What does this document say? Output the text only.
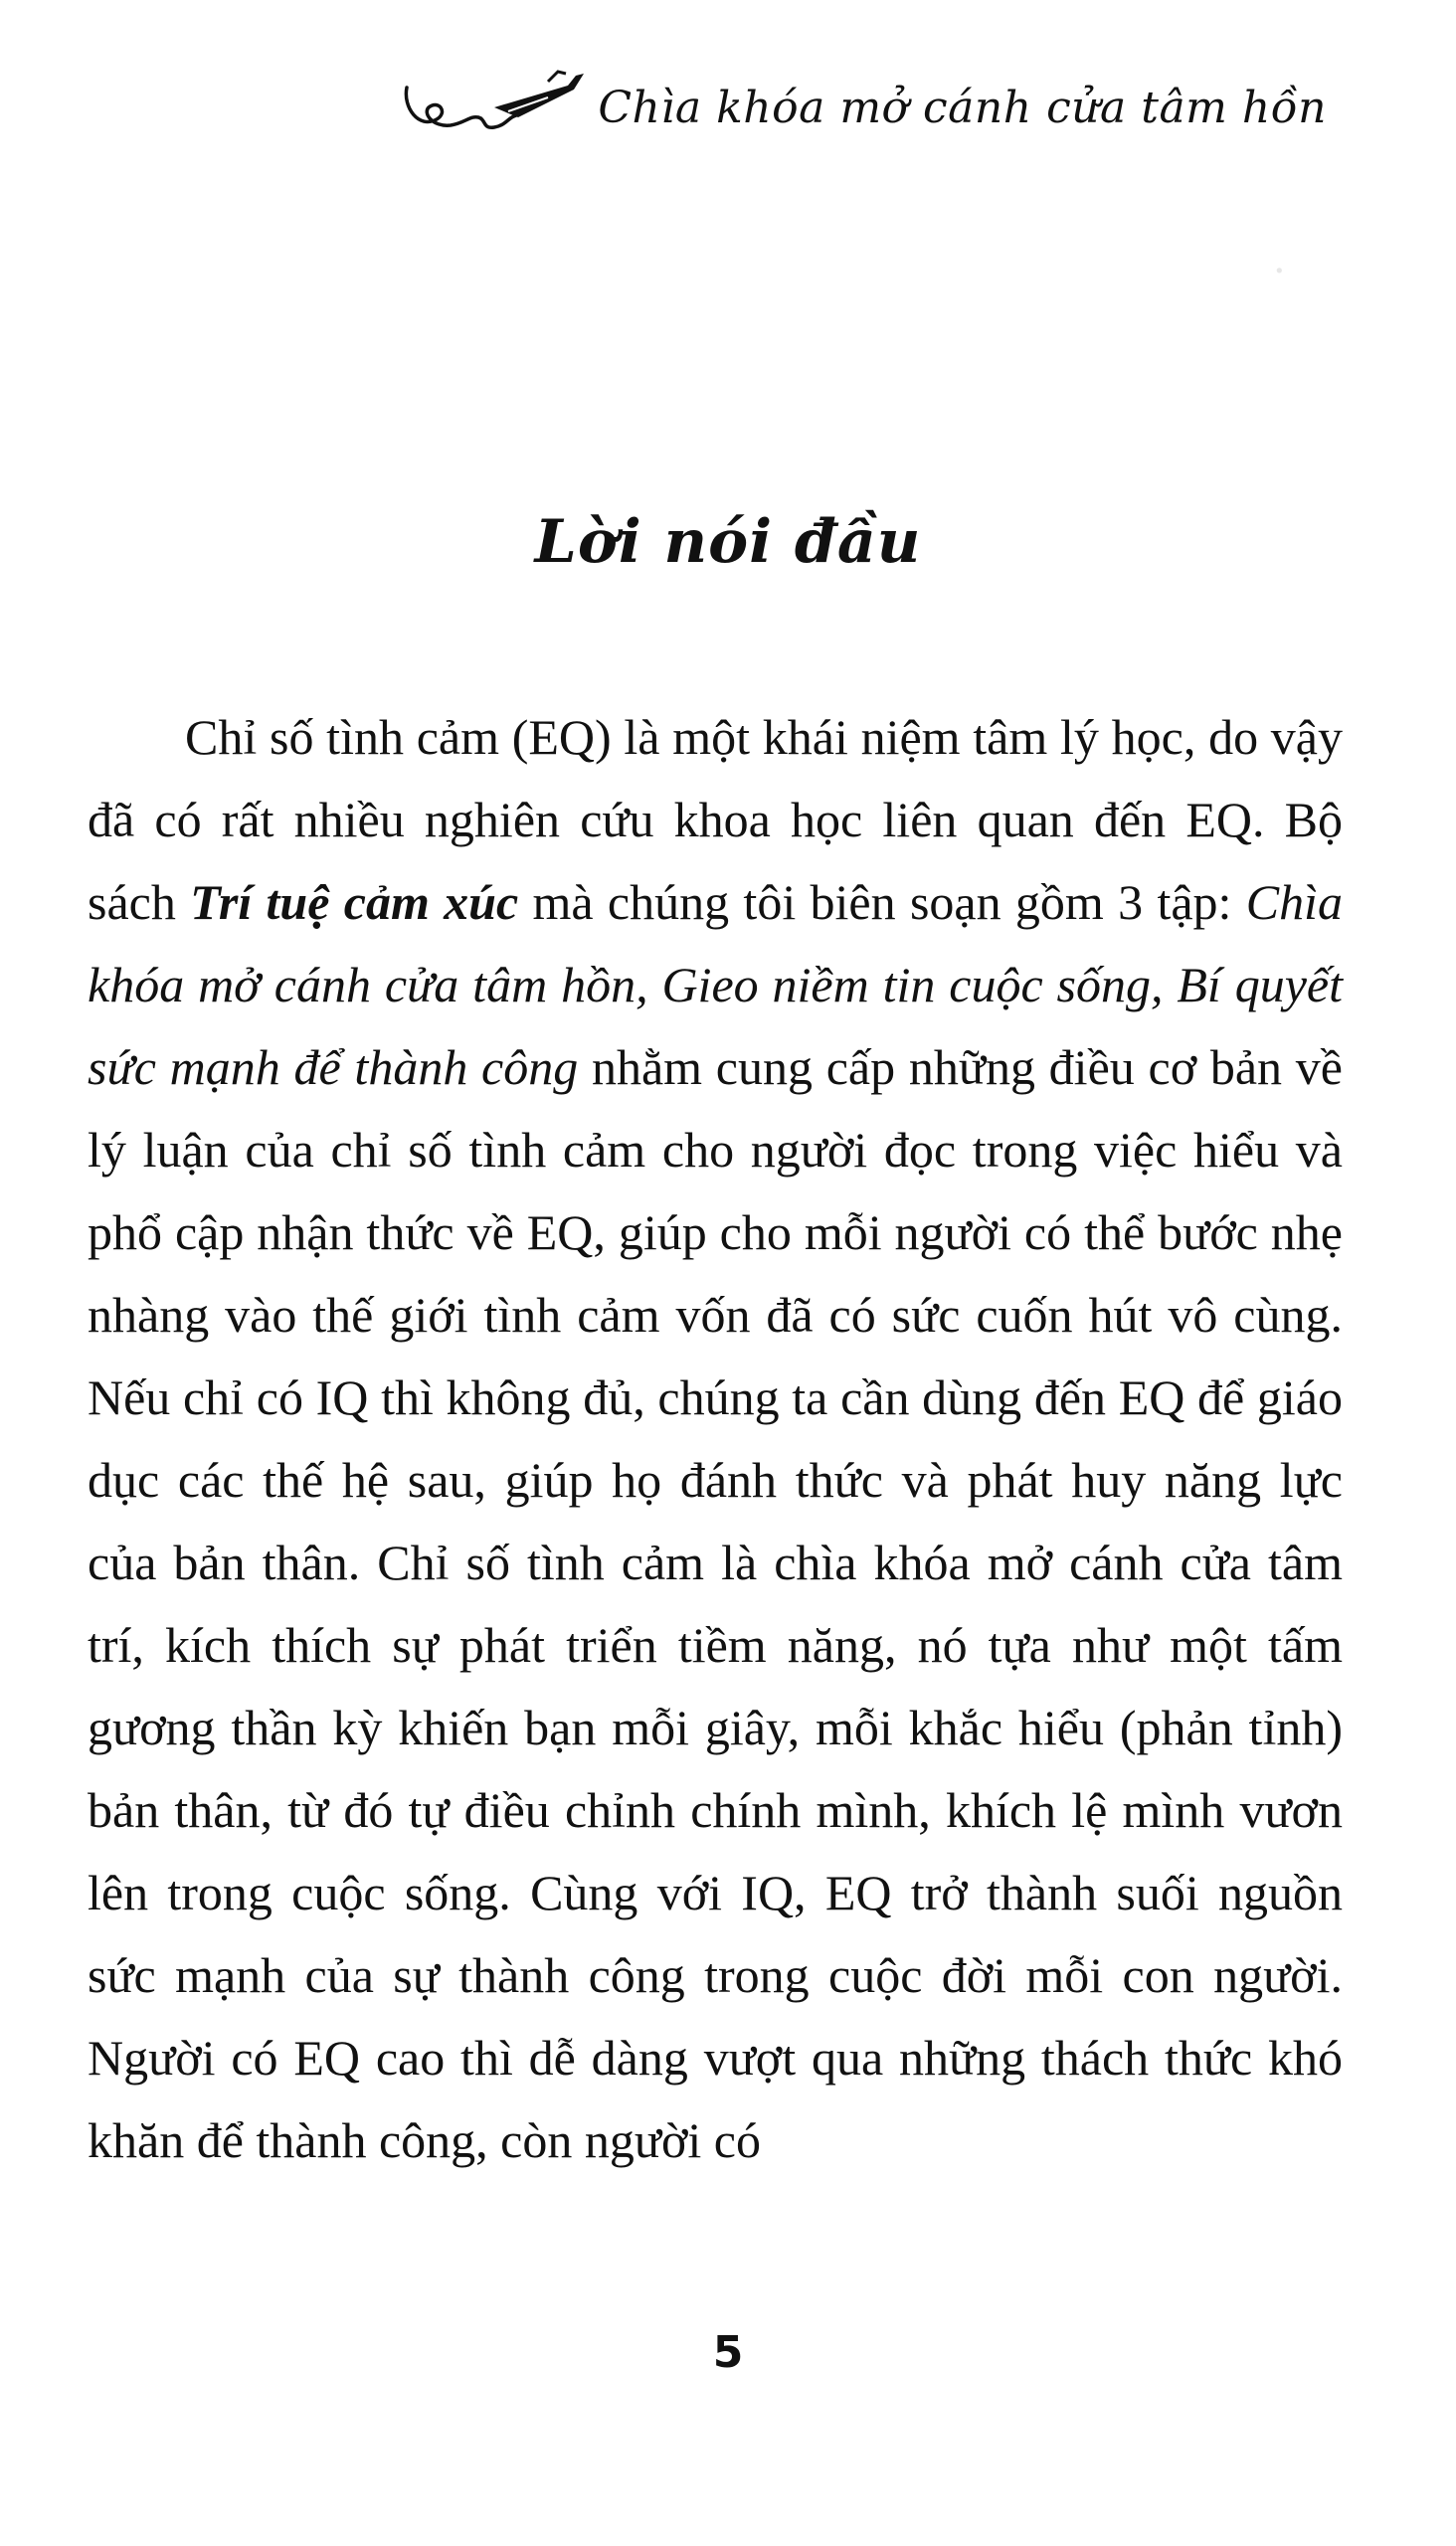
Chìa khóa mở cánh cửa tâm hồn
·
Lời nói đầu

Chỉ số tình cảm (EQ) là một khái niệm tâm lý học, do vậy đã có rất nhiều nghiên cứu khoa học liên quan đến EQ. Bộ sách Trí tuệ cảm xúc mà chúng tôi biên soạn gồm 3 tập: Chìa khóa mở cánh cửa tâm hồn, Gieo niềm tin cuộc sống, Bí quyết sức mạnh để thành công nhằm cung cấp những điều cơ bản về lý luận của chỉ số tình cảm cho người đọc trong việc hiểu và phổ cập nhận thức về EQ, giúp cho mỗi người có thể bước nhẹ nhàng vào thế giới tình cảm vốn đã có sức cuốn hút vô cùng. Nếu chỉ có IQ thì không đủ, chúng ta cần dùng đến EQ để giáo dục các thế hệ sau, giúp họ đánh thức và phát huy năng lực của bản thân. Chỉ số tình cảm là chìa khóa mở cánh cửa tâm trí, kích thích sự phát triển tiềm năng, nó tựa như một tấm gương thần kỳ khiến bạn mỗi giây, mỗi khắc hiểu (phản tỉnh) bản thân, từ đó tự điều chỉnh chính mình, khích lệ mình vươn lên trong cuộc sống. Cùng với IQ, EQ trở thành suối nguồn sức mạnh của sự thành công trong cuộc đời mỗi con người. Người có EQ cao thì dễ dàng vượt qua những thách thức khó khăn để thành công, còn người có

5
